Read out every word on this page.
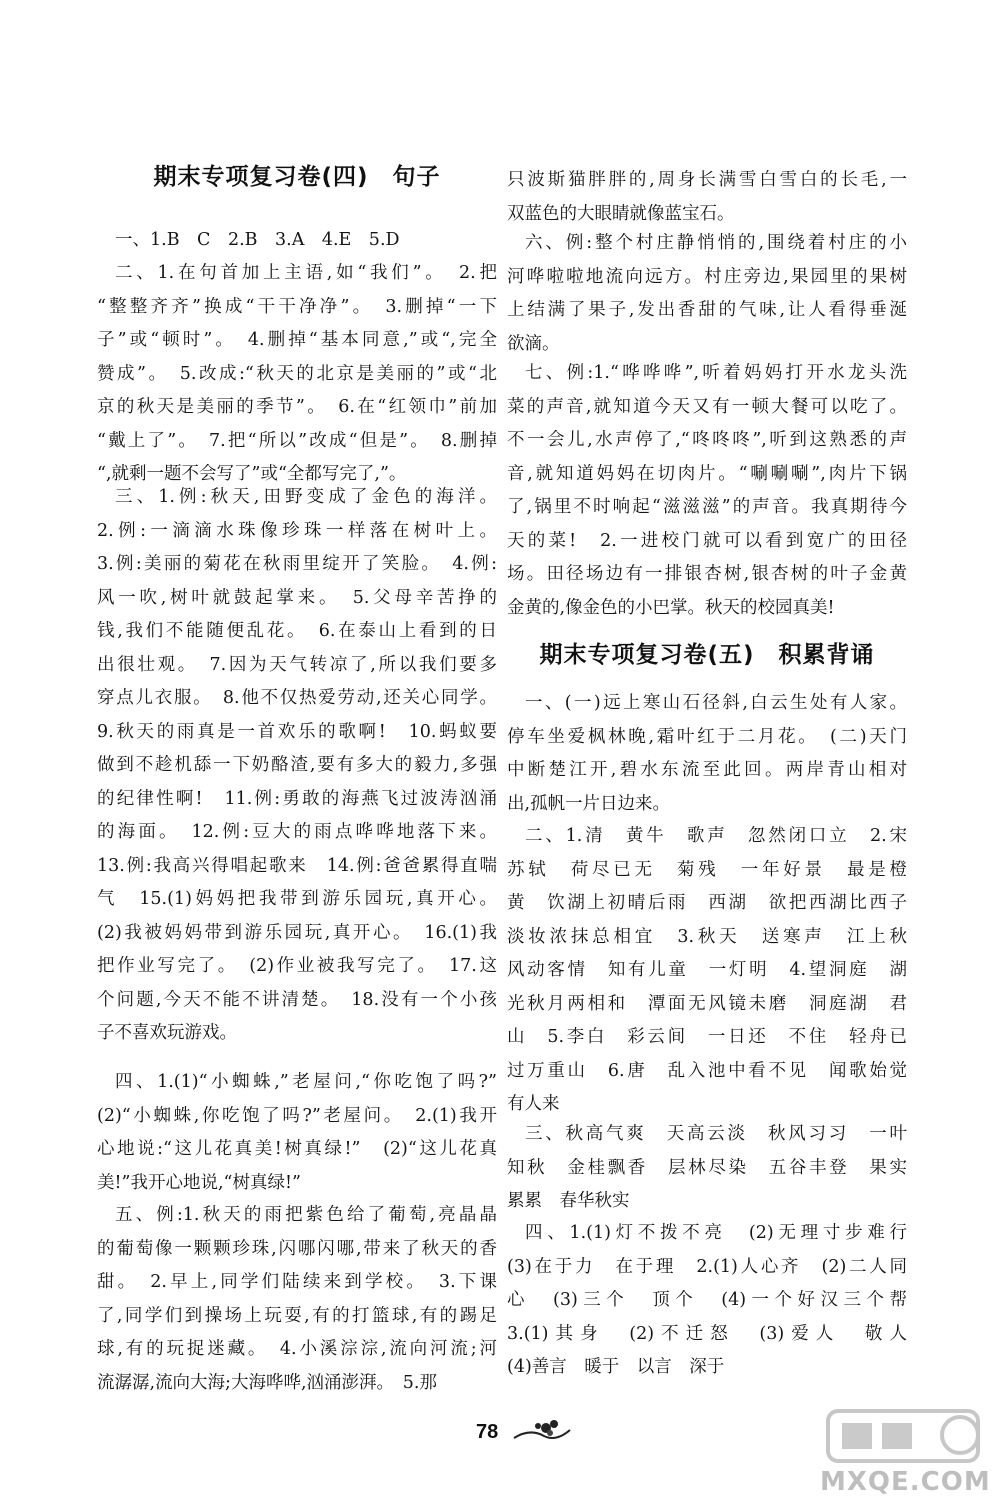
期末专项复习卷(四)　句子
一、1.B　C　2.B　3.A　4.E　5.D
二、1.在句首加上主语,如“我们”。　2.把
“整整齐齐”换成“干干净净”。　3.删掉“一下
子”或“顿时”。　4.删掉“基本同意,”或“,完全
赞成”。　5.改成:“秋天的北京是美丽的”或“北
京的秋天是美丽的季节”。　6.在“红领巾”前加
“戴上了”。　7.把“所以”改成“但是”。　8.删掉
“,就剩一题不会写了”或“全都写完了,”。
三、1.例:秋天,田野变成了金色的海洋。
2.例:一滴滴水珠像珍珠一样落在树叶上。
3.例:美丽的菊花在秋雨里绽开了笑脸。　4.例:
风一吹,树叶就鼓起掌来。　5.父母辛苦挣的
钱,我们不能随便乱花。　6.在泰山上看到的日
出很壮观。　7.因为天气转凉了,所以我们要多
穿点儿衣服。　8.他不仅热爱劳动,还关心同学。
9.秋天的雨真是一首欢乐的歌啊!　10.蚂蚁要
做到不趁机舔一下奶酪渣,要有多大的毅力,多强
的纪律性啊!　11.例:勇敢的海燕飞过波涛汹涌
的海面。　12.例:豆大的雨点哗哗地落下来。
13.例:我高兴得唱起歌来　14.例:爸爸累得直喘
气　15.(1)妈妈把我带到游乐园玩,真开心。
(2)我被妈妈带到游乐园玩,真开心。　16.(1)我
把作业写完了。　(2)作业被我写完了。　17.这
个问题,今天不能不讲清楚。　18.没有一个小孩
子不喜欢玩游戏。
四、1.(1)“小蜘蛛,”老屋问,“你吃饱了吗?”
(2)“小蜘蛛,你吃饱了吗?”老屋问。　2.(1)我开
心地说:“这儿花真美!树真绿!”　(2)“这儿花真
美!”我开心地说,“树真绿!”
五、例:1.秋天的雨把紫色给了葡萄,亮晶晶
的葡萄像一颗颗珍珠,闪哪闪哪,带来了秋天的香
甜。　2.早上,同学们陆续来到学校。　3.下课
了,同学们到操场上玩耍,有的打篮球,有的踢足
球,有的玩捉迷藏。　4.小溪淙淙,流向河流;河
流潺潺,流向大海;大海哗哗,汹涌澎湃。　5.那
只波斯猫胖胖的,周身长满雪白雪白的长毛,一
双蓝色的大眼睛就像蓝宝石。
六、例:整个村庄静悄悄的,围绕着村庄的小
河哗啦啦地流向远方。村庄旁边,果园里的果树
上结满了果子,发出香甜的气味,让人看得垂涎
欲滴。
七、例:1.“哗哗哗”,听着妈妈打开水龙头洗
菜的声音,就知道今天又有一顿大餐可以吃了。
不一会儿,水声停了,“咚咚咚”,听到这熟悉的声
音,就知道妈妈在切肉片。“唰唰唰”,肉片下锅
了,锅里不时响起“滋滋滋”的声音。我真期待今
天的菜!　2.一进校门就可以看到宽广的田径
场。田径场边有一排银杏树,银杏树的叶子金黄
金黄的,像金色的小巴掌。秋天的校园真美!
期末专项复习卷(五)　积累背诵
一、(一)远上寒山石径斜,白云生处有人家。
停车坐爱枫林晚,霜叶红于二月花。　(二)天门
中断楚江开,碧水东流至此回。两岸青山相对
出,孤帆一片日边来。
二、1.清　黄牛　歌声　忽然闭口立　2.宋
苏轼　荷尽已无　菊残　一年好景　最是橙
黄　饮湖上初晴后雨　西湖　欲把西湖比西子
淡妆浓抹总相宜　3.秋天　送寒声　江上秋
风动客情　知有儿童　一灯明　4.望洞庭　湖
光秋月两相和　潭面无风镜未磨　洞庭湖　君
山　5.李白　彩云间　一日还　不住　轻舟已
过万重山　6.唐　乱入池中看不见　闻歌始觉
有人来
三、秋高气爽　天高云淡　秋风习习　一叶
知秋　金桂飘香　层林尽染　五谷丰登　果实
累累　春华秋实
四、1.(1)灯不拨不亮　(2)无理寸步难行
(3)在于力　在于理　2.(1)人心齐　(2)二人同
心　(3)三个　顶个　(4)一个好汉三个帮
3.(1)其身　(2)不迁怒　(3)爱人　敬人
(4)善言　暖于　以言　深于
78
MXQE.COM
